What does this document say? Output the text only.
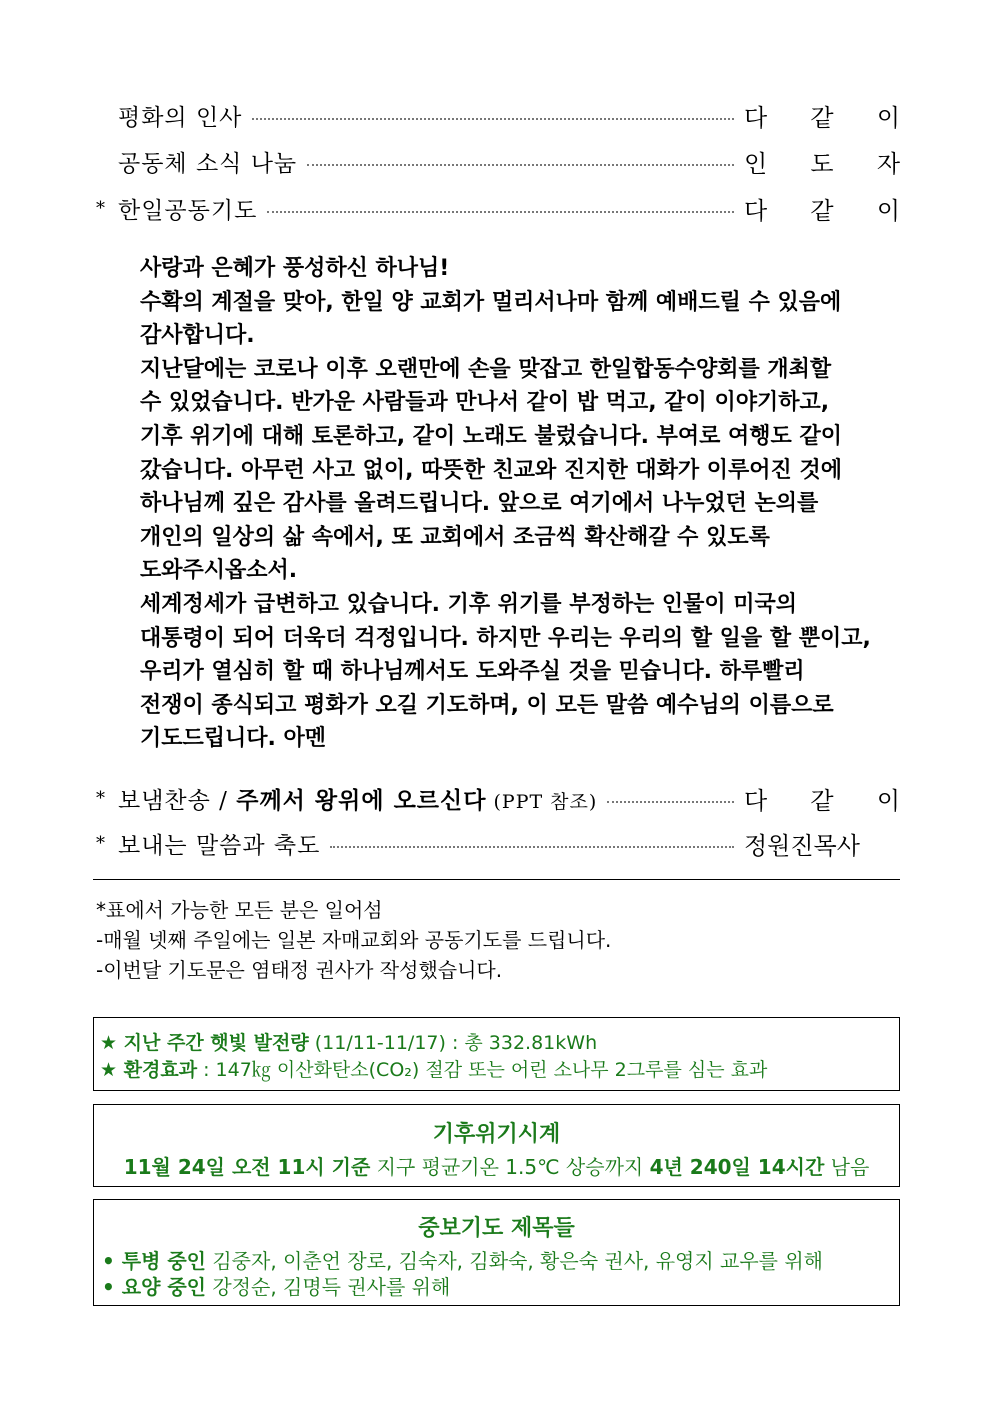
평화의 인사	다 같 이
공동체 소식 나눔	인 도 자
* 한일공동기도	다 같 이
사랑과 은혜가 풍성하신 하나님!
수확의 계절을 맞아, 한일 양 교회가 멀리서나마 함께 예배드릴 수 있음에
감사합니다.
지난달에는 코로나 이후 오랜만에 손을 맞잡고 한일합동수양회를 개최할
수 있었습니다. 반가운 사람들과 만나서 같이 밥 먹고, 같이 이야기하고,
기후 위기에 대해 토론하고, 같이 노래도 불렀습니다. 부여로 여행도 같이
갔습니다. 아무런 사고 없이, 따뜻한 친교와 진지한 대화가 이루어진 것에
하나님께 깊은 감사를 올려드립니다. 앞으로 여기에서 나누었던 논의를
개인의 일상의 삶 속에서, 또 교회에서 조금씩 확산해갈 수 있도록
도와주시옵소서.
세계정세가 급변하고 있습니다. 기후 위기를 부정하는 인물이 미국의
대통령이 되어 더욱더 걱정입니다. 하지만 우리는 우리의 할 일을 할 뿐이고,
우리가 열심히 할 때 하나님께서도 도와주실 것을 믿습니다. 하루빨리
전쟁이 종식되고 평화가 오길 기도하며, 이 모든 말씀 예수님의 이름으로
기도드립니다. 아멘
* 보냄찬송 / 주께서 왕위에 오르신다 (PPT 참조)	다 같 이
* 보내는 말씀과 축도	정원진목사
*표에서 가능한 모든 분은 일어섬
-매월 넷째 주일에는 일본 자매교회와 공동기도를 드립니다.
-이번달 기도문은 염태정 권사가 작성했습니다.
★ 지난 주간 햇빛 발전량 (11/11-11/17) : 총 332.81kWh
★ 환경효과 : 147㎏ 이산화탄소(CO₂) 절감 또는 어린 소나무 2그루를 심는 효과
기후위기시계
11월 24일 오전 11시 기준 지구 평균기온 1.5℃ 상승까지 4년 240일 14시간 남음
중보기도 제목들
• 투병 중인 김중자, 이춘언 장로, 김숙자, 김화숙, 황은숙 권사, 유영지 교우를 위해
• 요양 중인 강정순, 김명득 권사를 위해
